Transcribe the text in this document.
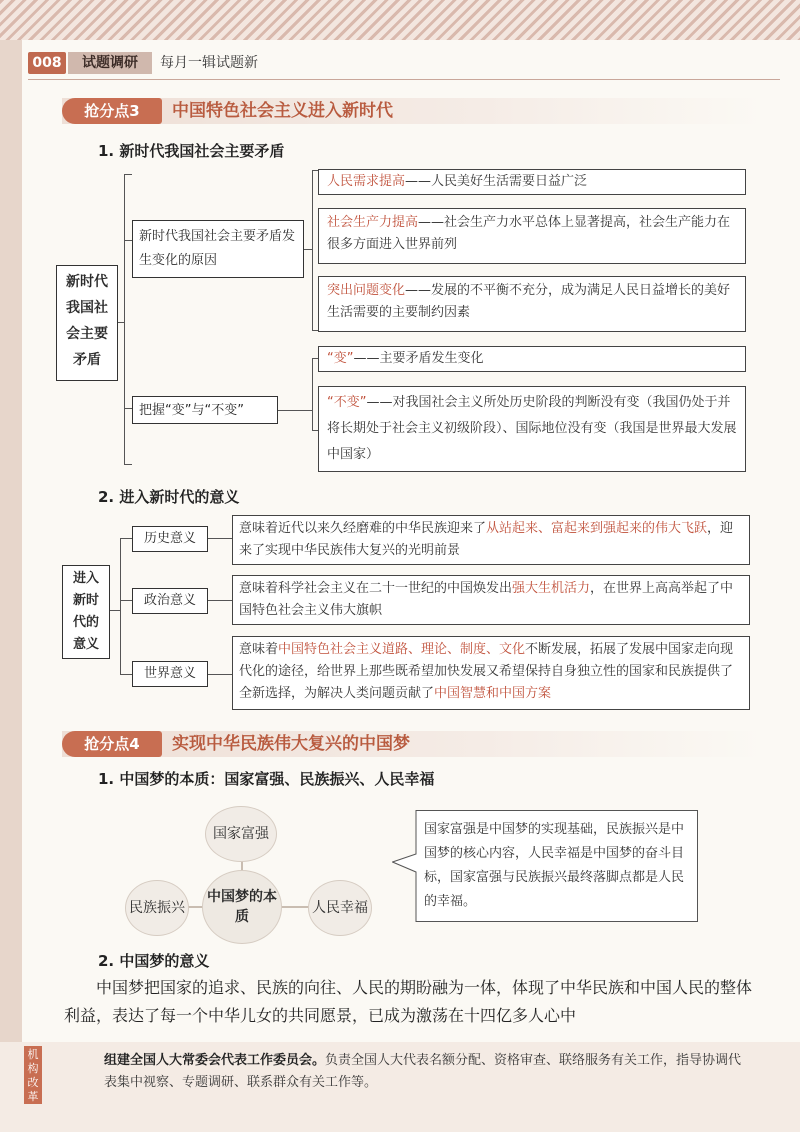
008	试题调研	每月一辑试题新
抢分点3	中国特色社会主义进入新时代
1. 新时代我国社会主要矛盾
新时代
我国社
会主要
矛盾
新时代我国社会主要矛盾发生变化的原因
人民需求提高——人民美好生活需要日益广泛
社会生产力提高——社会生产力水平总体上显著提高，社会生产能力在很多方面进入世界前列
突出问题变化——发展的不平衡不充分，成为满足人民日益增长的美好生活需要的主要制约因素
把握“变”与“不变”
“变”——主要矛盾发生变化
“不变”——对我国社会主义所处历史阶段的判断没有变（我国仍处于并将长期处于社会主义初级阶段）、国际地位没有变（我国是世界最大发展中国家）
2. 进入新时代的意义
进入
新时
代的
意义
历史意义
意味着近代以来久经磨难的中华民族迎来了从站起来、富起来到强起来的伟大飞跃，迎来了实现中华民族伟大复兴的光明前景
政治意义
意味着科学社会主义在二十一世纪的中国焕发出强大生机活力，在世界上高高举起了中国特色社会主义伟大旗帜
世界意义
意味着中国特色社会主义道路、理论、制度、文化不断发展，拓展了发展中国家走向现代化的途径，给世界上那些既希望加快发展又希望保持自身独立性的国家和民族提供了全新选择，为解决人类问题贡献了中国智慧和中国方案
抢分点4	实现中华民族伟大复兴的中国梦
1. 中国梦的本质：国家富强、民族振兴、人民幸福
国家富强
民族振兴
中国梦的本质
人民幸福
国家富强是中国梦的实现基础，民族振兴是中国梦的核心内容，人民幸福是中国梦的奋斗目标，国家富强与民族振兴最终落脚点都是人民的幸福。
2. 中国梦的意义
中国梦把国家的追求、民族的向往、人民的期盼融为一体，体现了中华民族和中国人民的整体利益，表达了每一个中华儿女的共同愿景，已成为激荡在十四亿多人心中
机构改革
组建全国人大常委会代表工作委员会。负责全国人大代表名额分配、资格审查、联络服务有关工作，指导协调代表集中视察、专题调研、联系群众有关工作等。
